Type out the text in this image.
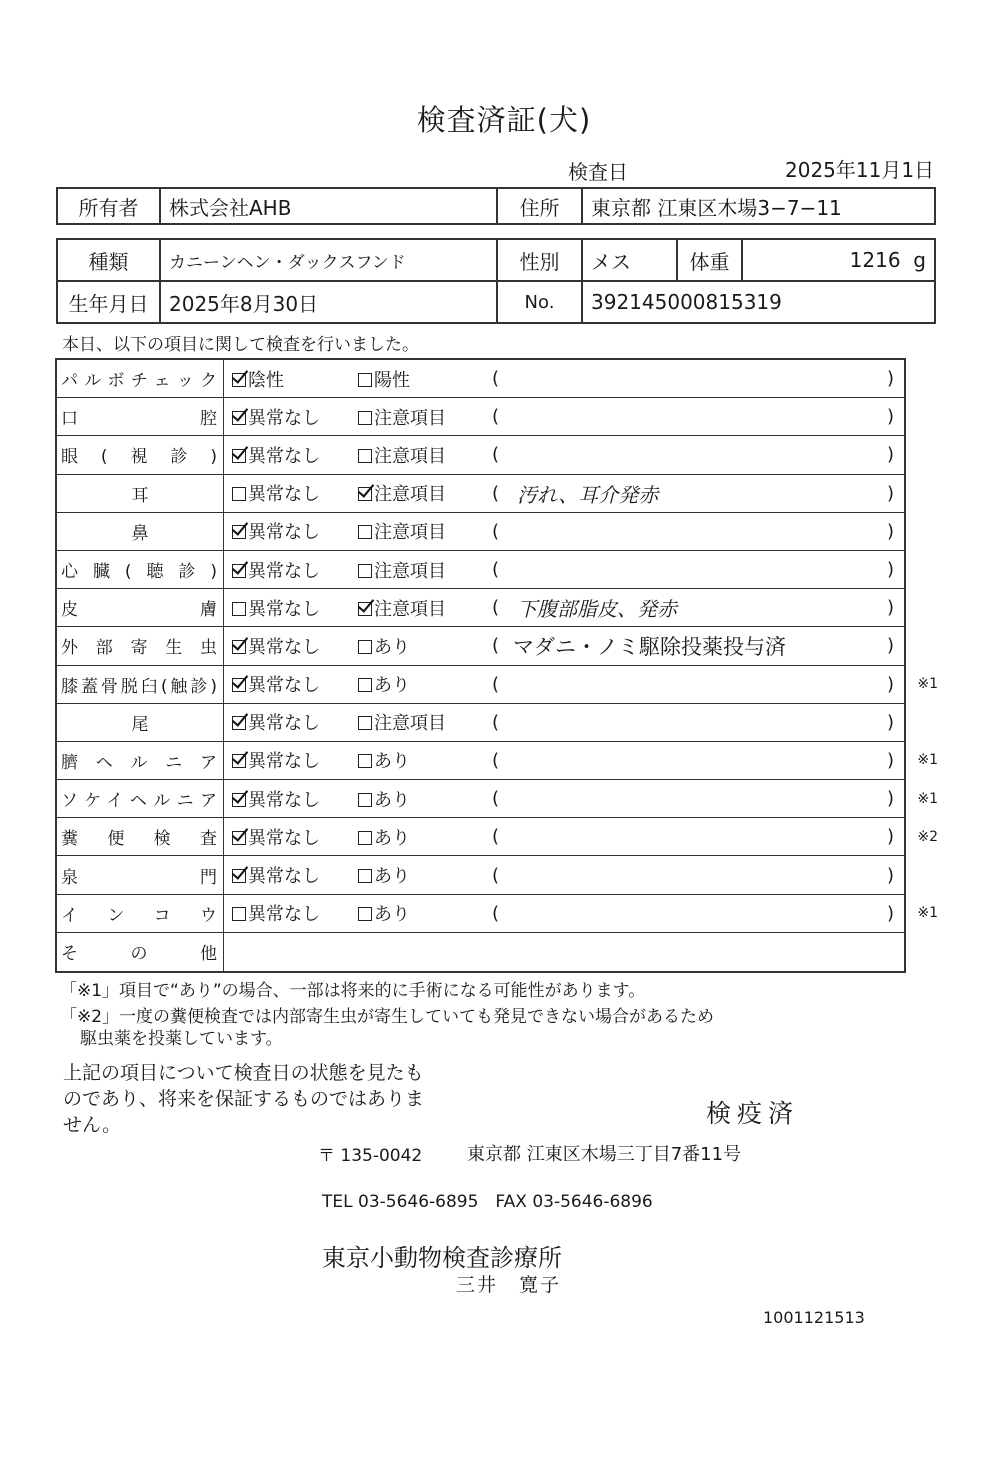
検査済証(犬)
検査日	2025年11月1日
所有者	株式会社AHB	住所	東京都 江東区木場3−7−11
種類	カニーンヘン・ダックスフンド	性別	メス	体重	1216 g
生年月日	2025年8月30日	No.	392145000815319		
本日、以下の項目に関して検査を行いました。
パルボチェック	陰性	陽性	(	)
口腔	異常なし	注意項目	(	)
眼(視診)	異常なし	注意項目	(	)
耳	異常なし	注意項目	( 汚れ、耳介発赤	)
鼻	異常なし	注意項目	(	)
心臓(聴診)	異常なし	注意項目	(	)
皮膚	異常なし	注意項目	( 下腹部脂皮、発赤	)
外部寄生虫	異常なし	あり	( マダニ・ノミ駆除投薬投与済	)
膝蓋骨脱臼(触診)	異常なし	あり	(	) ※1
尾	異常なし	注意項目	(	)
臍ヘルニア	異常なし	あり	(	) ※1
ソケイヘルニア	異常なし	あり	(	) ※1
糞便検査	異常なし	あり	(	) ※2
泉門	異常なし	あり	(	)
インコウ	異常なし	あり	(	) ※1
その他
「※1」項目で“あり”の場合、一部は将来的に手術になる可能性があります。
「※2」一度の糞便検査では内部寄生虫が寄生していても発見できない場合があるため
駆虫薬を投薬しています。
上記の項目について検査日の状態を見たものであり、将来を保証するものではありません。	検疫済
〒 135-0042 東京都 江東区木場三丁目7番11号
TEL 03-5646-6895　FAX 03-5646-6896
東京小動物検査診療所
三井　寛子
1001121513
